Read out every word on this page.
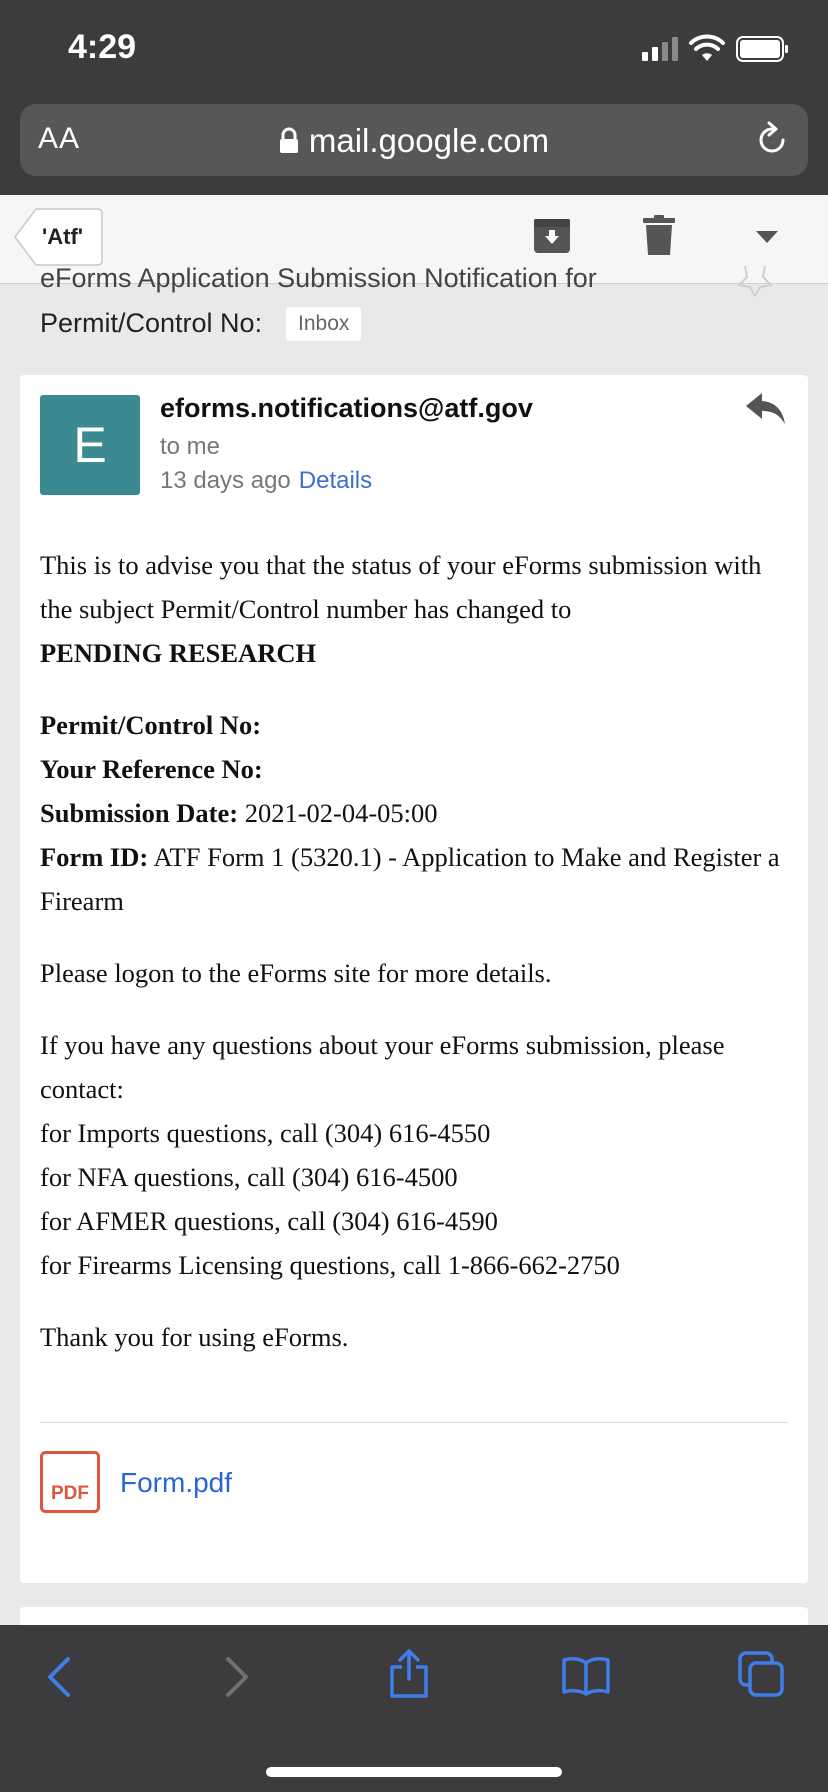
4:29
AA	mail.google.com
'Atf'
eForms Application Submission Notification for
Permit/Control No:	Inbox
E
eforms.notifications@atf.gov
to me
13 days ago Details

This is to advise you that the status of your eForms submission with the subject Permit/Control number has changed to
PENDING RESEARCH

Permit/Control No:
Your Reference No:
Submission Date: 2021-02-04-05:00
Form ID: ATF Form 1 (5320.1) - Application to Make and Register a Firearm

Please logon to the eForms site for more details.

If you have any questions about your eForms submission, please contact:
for Imports questions, call (304) 616-4550
for NFA questions, call (304) 616-4500
for AFMER questions, call (304) 616-4590
for Firearms Licensing questions, call 1-866-662-2750

Thank you for using eForms.

PDF Form.pdf
